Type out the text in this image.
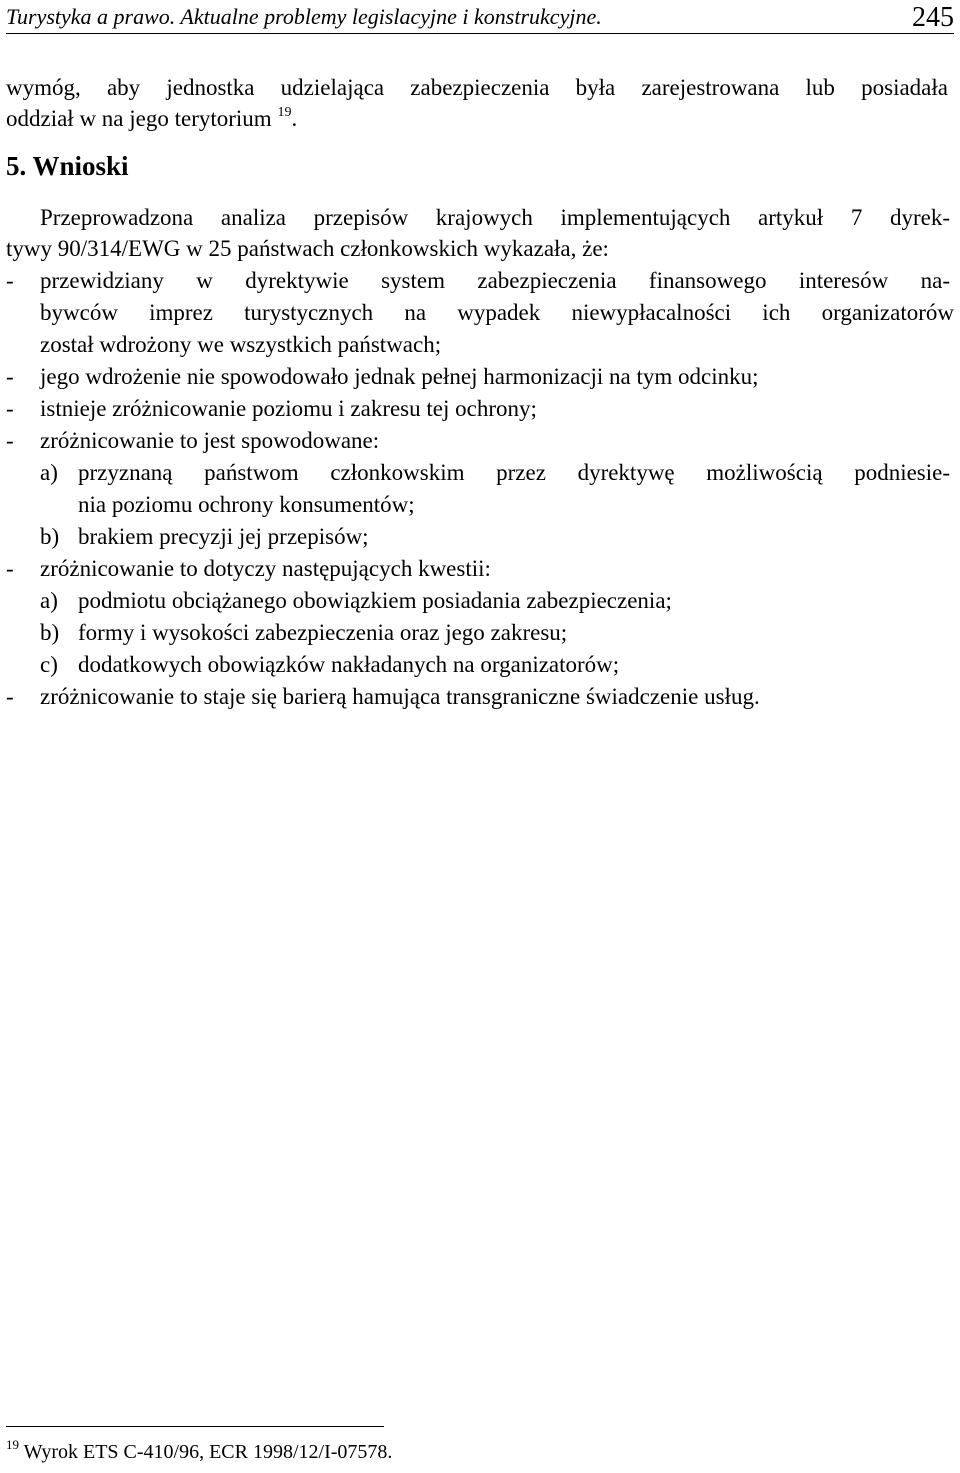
Turystyka a prawo. Aktualne problemy legislacyjne i konstrukcyjne.	245
wymóg, aby jednostka udzielająca zabezpieczenia była zarejestrowana lub posiadała
oddział w na jego terytorium $^{19}$.
5. Wnioski
Przeprowadzona analiza przepisów krajowych implementujących artykuł 7 dyrek-
tywy 90/314/EWG w 25 państwach członkowskich wykazała, że:
- przewidziany w dyrektywie system zabezpieczenia finansowego interesów na-
bywców imprez turystycznych na wypadek niewypłacalności ich organizatorów
został wdrożony we wszystkich państwach;
- jego wdrożenie nie spowodowało jednak pełnej harmonizacji na tym odcinku;
- istnieje zróżnicowanie poziomu i zakresu tej ochrony;
- zróżnicowanie to jest spowodowane:
a) przyznaną państwom członkowskim przez dyrektywę możliwością podniesie-
nia poziomu ochrony konsumentów;
b) brakiem precyzji jej przepisów;
- zróżnicowanie to dotyczy następujących kwestii:
a) podmiotu obciążanego obowiązkiem posiadania zabezpieczenia;
b) formy i wysokości zabezpieczenia oraz jego zakresu;
c) dodatkowych obowiązków nakładanych na organizatorów;
- zróżnicowanie to staje się barierą hamująca transgraniczne świadczenie usług.
$^{19}$ Wyrok ETS C-410/96, ECR 1998/12/I-07578.
